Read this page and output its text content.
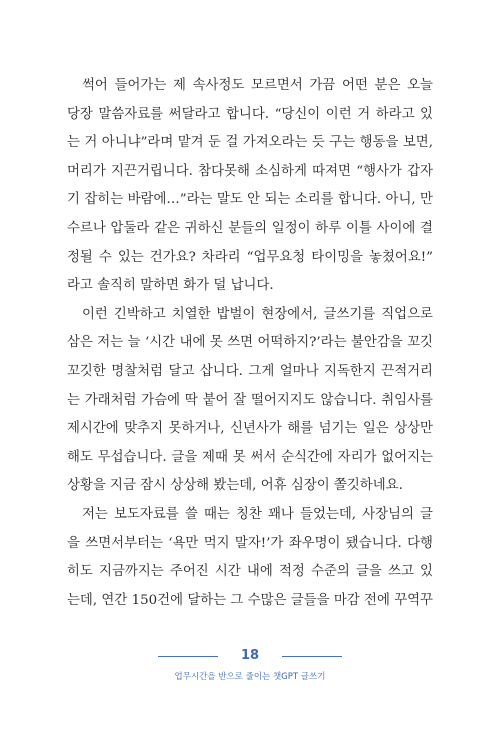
썩어 들어가는 제 속사정도 모르면서 가끔 어떤 분은 오늘
당장 말씀자료를 써달라고 합니다. “당신이 이런 거 하라고 있
는 거 아니냐”라며 맡겨 둔 걸 가져오라는 듯 구는 행동을 보면,
머리가 지끈거립니다. 참다못해 소심하게 따져면 “행사가 갑자
기 잡히는 바람에…”라는 말도 안 되는 소리를 합니다. 아니, 만
수르나 압둘라 같은 귀하신 분들의 일정이 하루 이틀 사이에 결
정될 수 있는 건가요? 차라리 “업무요청 타이밍을 놓쳤어요!”
라고 솔직히 말하면 화가 덜 납니다.

이런 긴박하고 치열한 밥벌이 현장에서, 글쓰기를 직업으로
삼은 저는 늘 ‘시간 내에 못 쓰면 어떡하지?’라는 불안감을 꼬깃
꼬깃한 명찰처럼 달고 삽니다. 그게 얼마나 지독한지 끈적거리
는 가래처럼 가슴에 딱 붙어 잘 떨어지지도 않습니다. 취임사를
제시간에 맞추지 못하거나, 신년사가 해를 넘기는 일은 상상만
해도 무섭습니다. 글을 제때 못 써서 순식간에 자리가 없어지는
상황을 지금 잠시 상상해 봤는데, 어휴 심장이 쫄깃하네요.

저는 보도자료를 쓸 때는 칭찬 꽤나 들었는데, 사장님의 글
을 쓰면서부터는 ‘욕만 먹지 말자!’가 좌우명이 됐습니다. 다행
히도 지금까지는 주어진 시간 내에 적정 수준의 글을 쓰고 있
는데, 연간 150건에 달하는 그 수많은 글들을 마감 전에 꾸역꾸

18
업무시간을 반으로 줄이는 챗GPT 글쓰기
